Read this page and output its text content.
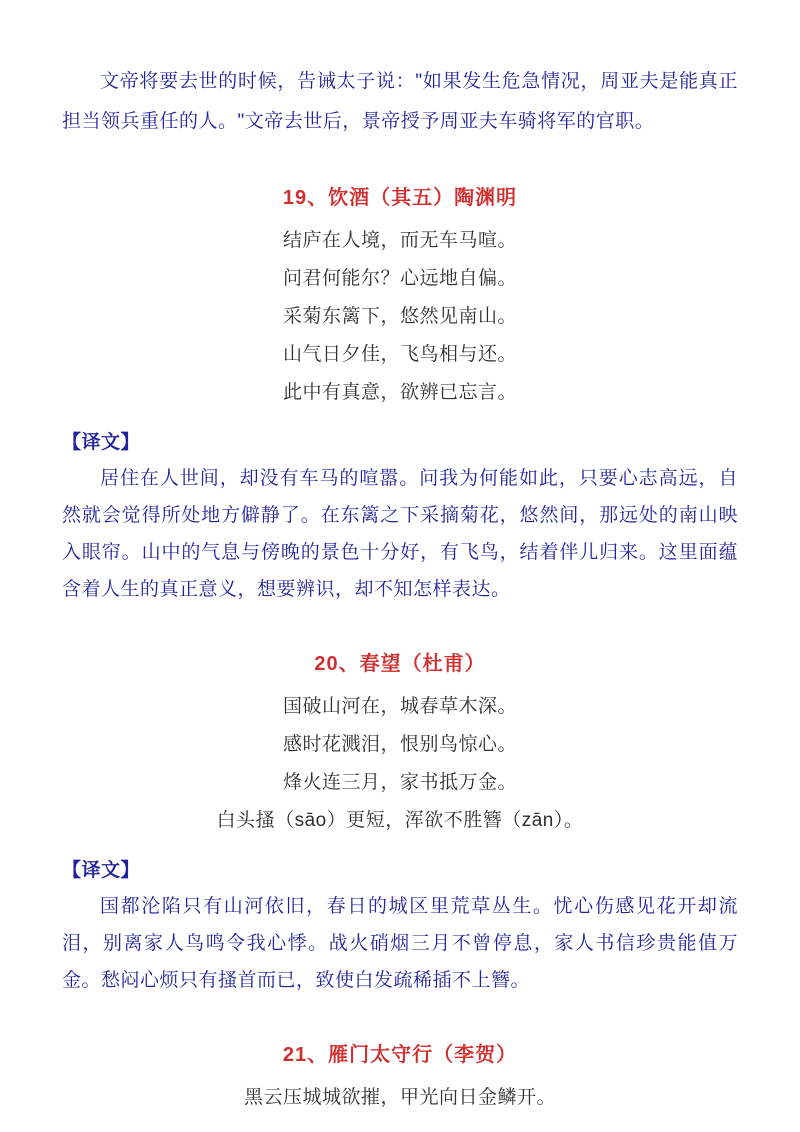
文帝将要去世的时候，告诫太子说："如果发生危急情况，周亚夫是能真正担当领兵重任的人。"文帝去世后，景帝授予周亚夫车骑将军的官职。

19、饮酒（其五）陶渊明
结庐在人境，而无车马喧。
问君何能尔？心远地自偏。
采菊东篱下，悠然见南山。
山气日夕佳，飞鸟相与还。
此中有真意，欲辨已忘言。
【译文】

居住在人世间，却没有车马的喧嚣。问我为何能如此，只要心志高远，自然就会觉得所处地方僻静了。在东篱之下采摘菊花，悠然间，那远处的南山映入眼帘。山中的气息与傍晚的景色十分好，有飞鸟，结着伴儿归来。这里面蕴含着人生的真正意义，想要辨识，却不知怎样表达。

20、春望（杜甫）
国破山河在，城春草木深。
感时花溅泪，恨别鸟惊心。
烽火连三月，家书抵万金。
白头搔（sāo）更短，浑欲不胜簪（zān）。
【译文】

国都沦陷只有山河依旧，春日的城区里荒草丛生。忧心伤感见花开却流泪，别离家人鸟鸣令我心悸。战火硝烟三月不曾停息，家人书信珍贵能值万金。愁闷心烦只有搔首而已，致使白发疏稀插不上簪。

21、雁门太守行（李贺）
黑云压城城欲摧，甲光向日金鳞开。
